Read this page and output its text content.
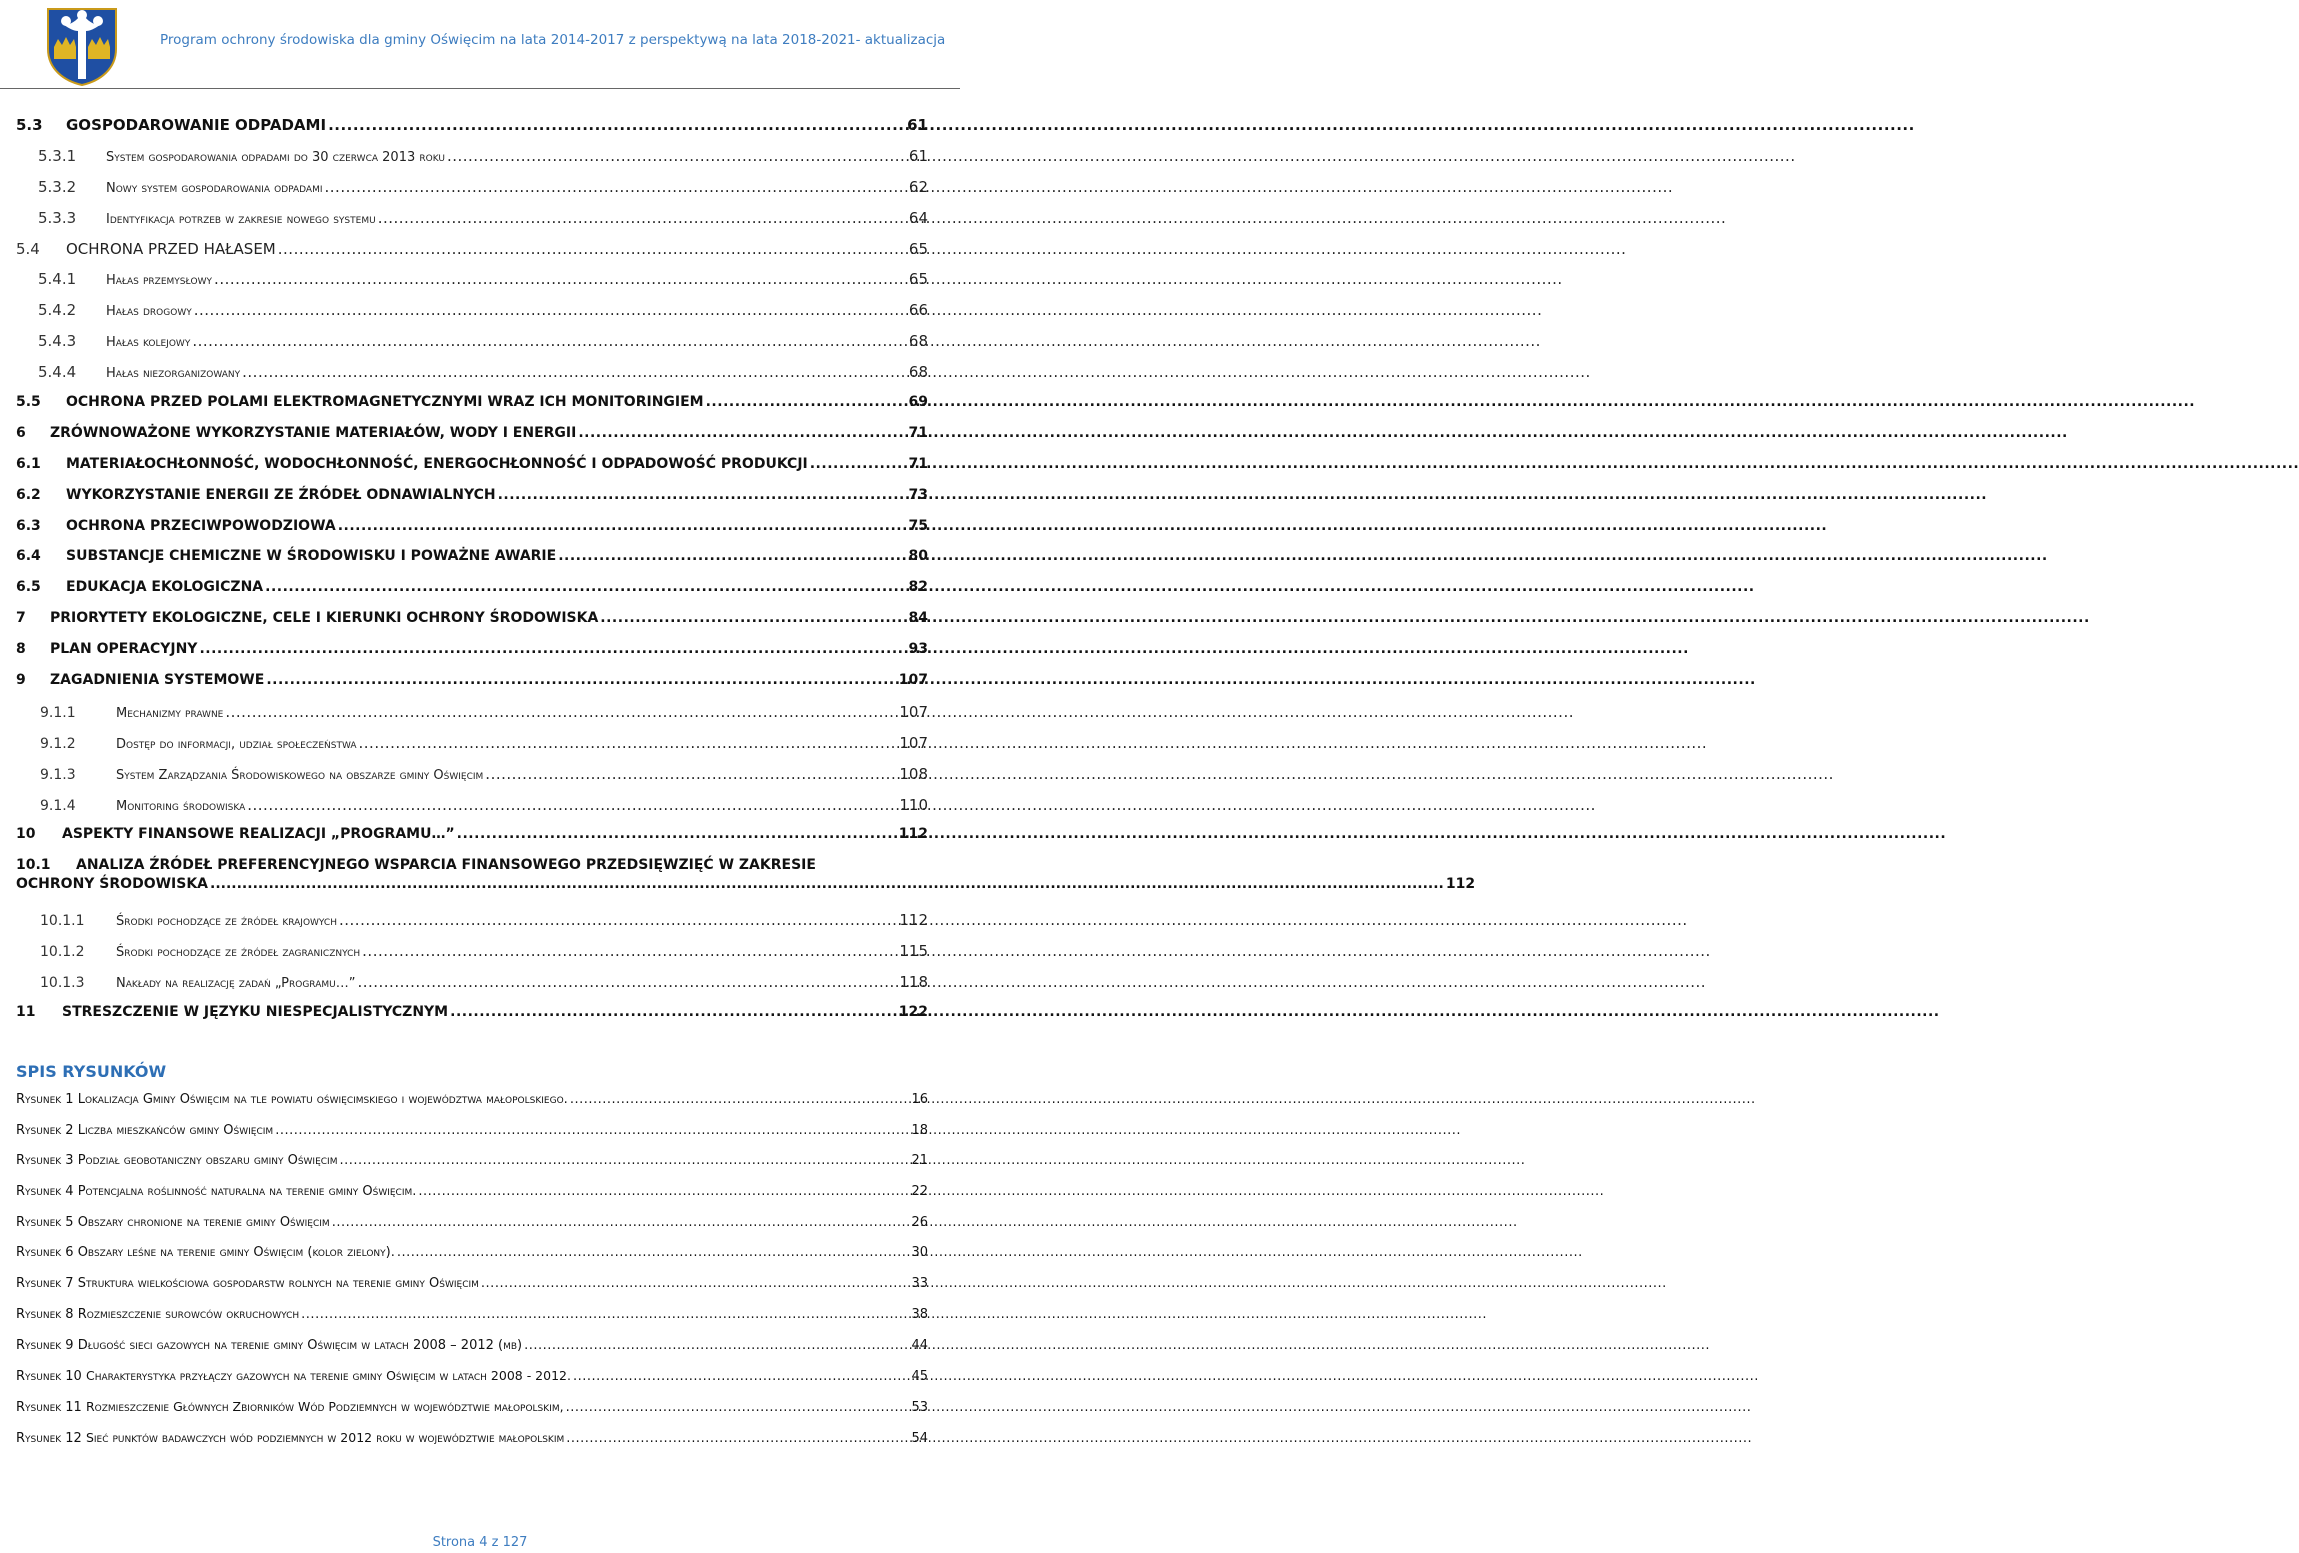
Program ochrony środowiska dla gminy Oświęcim na lata 2014-2017 z perspektywą na lata 2018-2021- aktualizacja
5.3	GOSPODAROWANIE ODPADAMI .....	61
5.3.1	System gospodarowania odpadami do 30 czerwca 2013 roku .....	61
5.3.2	Nowy system gospodarowania odpadami .....	62
5.3.3	Identyfikacja potrzeb w zakresie nowego systemu .....	64
5.4	OCHRONA PRZED HAŁASEM .....	65
5.4.1	Hałas przemysłowy .....	65
5.4.2	Hałas drogowy .....	66
5.4.3	Hałas kolejowy .....	68
5.4.4	Hałas niezorganizowany .....	68
5.5	OCHRONA PRZED POLAMI ELEKTROMAGNETYCZNYMI WRAZ ICH MONITORINGIEM .....	69
6	ZRÓWNOWAŻONE WYKORZYSTANIE MATERIAŁÓW, WODY I ENERGII .....	71
6.1	MATERIAŁOCHŁONNOŚĆ, WODOCHŁONNOŚĆ, ENERGOCHŁONNOŚĆ I ODPADOWOŚĆ PRODUKCJI .....	71
6.2	WYKORZYSTANIE ENERGII ZE ŹRÓDEŁ ODNAWIALNYCH .....	73
6.3	OCHRONA PRZECIWPOWODZIOWA .....	75
6.4	SUBSTANCJE CHEMICZNE W ŚRODOWISKU I POWAŻNE AWARIE .....	80
6.5	EDUKACJA EKOLOGICZNA .....	82
7	PRIORYTETY EKOLOGICZNE, CELE I KIERUNKI OCHRONY ŚRODOWISKA .....	84
8	PLAN OPERACYJNY .....	93
9	ZAGADNIENIA SYSTEMOWE .....	107
9.1.1	Mechanizmy prawne .....	107
9.1.2	Dostęp do informacji, udział społeczeństwa .....	107
9.1.3	System Zarządzania Środowiskowego na obszarze gminy Oświęcim .....	108
9.1.4	Monitoring środowiska .....	110
10	ASPEKTY FINANSOWE REALIZACJI „PROGRAMU…” .....	112
10.1	ANALIZA ŹRÓDEŁ PREFERENCYJNEGO WSPARCIA FINANSOWEGO PRZEDSIĘWZIĘĆ W ZAKRESIE
OCHRONY ŚRODOWISKA ........................................................................................................................................................................................................................................ 112
10.1.1	Środki pochodzące ze źródeł krajowych .....	112
10.1.2	Środki pochodzące ze źródeł zagranicznych .....	115
10.1.3	Nakłady na realizację zadań „Programu…” .....	118
11	STRESZCZENIE W JĘZYKU NIESPECJALISTYCZNYM .....	122
SPIS RYSUNKÓW
Rysunek 1
Lokalizacja Gminy Oświęcim na tle powiatu oświęcimskiego i województwa małopolskiego. .....	16
Rysunek 2
Liczba mieszkańców gminy Oświęcim .....	18
Rysunek 3
Podział geobotaniczny obszaru gminy Oświęcim .....	21
Rysunek 4
Potencjalna roślinność naturalna na terenie gminy Oświęcim. .....	22
Rysunek 5
Obszary chronione na terenie gminy Oświęcim .....	26
Rysunek 6
Obszary leśne na terenie gminy Oświęcim (kolor zielony). .....	30
Rysunek 7
Struktura wielkościowa gospodarstw rolnych na terenie gminy Oświęcim .....	33
Rysunek 8
Rozmieszczenie surowców okruchowych .....	38
Rysunek 9
Długość sieci gazowych na terenie gminy Oświęcim w latach 2008 – 2012 (mb) .....	44
Rysunek 10
Charakterystyka przyłączy gazowych na terenie gminy Oświęcim w latach 2008 - 2012. .....	45
Rysunek 11
Rozmieszczenie Głównych Zbiorników Wód Podziemnych w województwie małopolskim, .....	53
Rysunek 12
Sieć punktów badawczych wód podziemnych w 2012 roku w województwie małopolskim .....	54
Strona 4 z 127
